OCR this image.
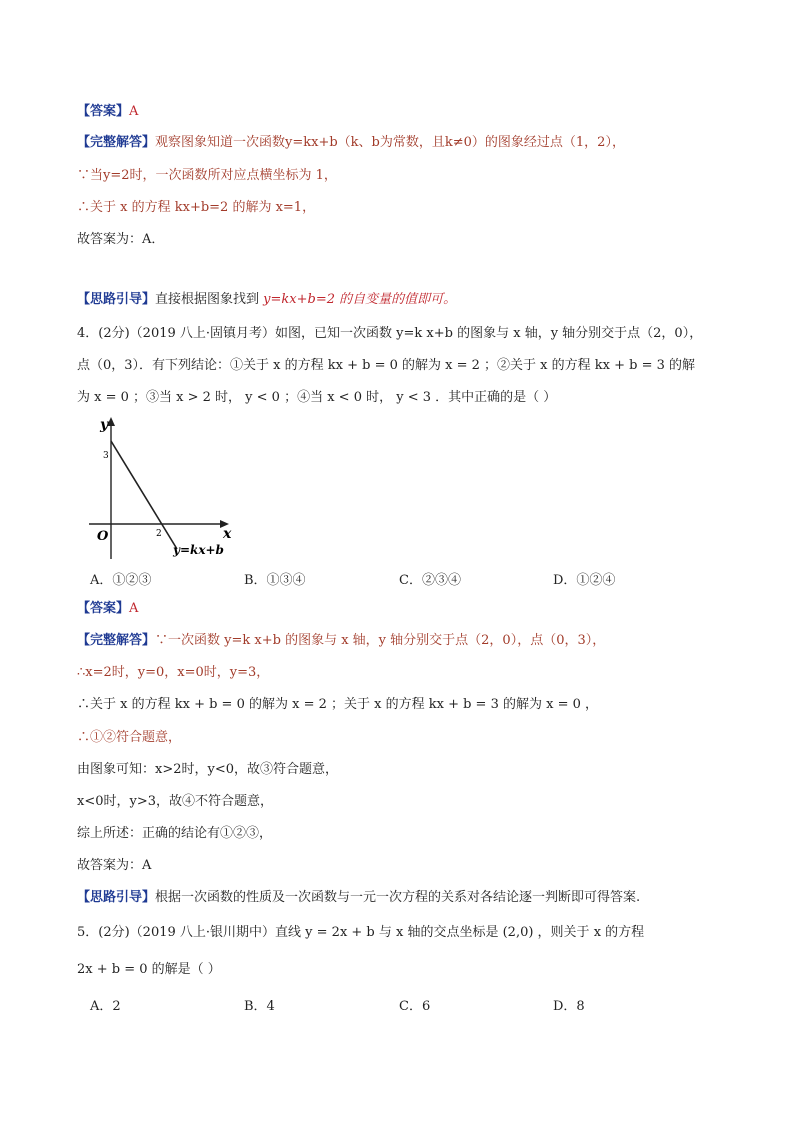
【答案】A
【完整解答】观察图象知道一次函数y=kx+b（k、b为常数，且k≠0）的图象经过点（1，2），
∵当y=2时，一次函数所对应点横坐标为 1，
∴关于 x 的方程 kx+b=2 的解为 x=1，
故答案为：A．
【思路引导】直接根据图象找到 y=kx+b=2 的自变量的值即可。
4．(2分)（2019 八上·固镇月考）如图，已知一次函数 y=k x+b 的图象与 x 轴，y 轴分别交于点（2，0），
点（0，3）．有下列结论：①关于 x 的方程 kx + b = 0 的解为 x = 2 ；②关于 x 的方程 kx + b = 3 的解
为 x = 0 ；③当 x > 2 时， y < 0 ；④当 x < 0 时， y < 3 ．其中正确的是（ ）
y
x
O
3
2
y=kx+b
A．①②③	B．①③④	C．②③④	D．①②④
【答案】A
【完整解答】∵一次函数 y=k x+b 的图象与 x 轴，y 轴分别交于点（2，0），点（0，3），
∴x=2时，y=0，x=0时，y=3，
∴关于 x 的方程 kx + b = 0 的解为 x = 2 ；关于 x 的方程 kx + b = 3 的解为 x = 0 ，
∴①②符合题意，
由图象可知：x>2时，y<0，故③符合题意，
x<0时，y>3，故④不符合题意，
综上所述：正确的结论有①②③，
故答案为：A
【思路引导】根据一次函数的性质及一次函数与一元一次方程的关系对各结论逐一判断即可得答案.
5．(2分)（2019 八上·银川期中）直线 y = 2x + b 与 x 轴的交点坐标是 (2,0) ，则关于 x 的方程
2x + b = 0 的解是（ ）
A．2	B．4	C．6	D．8
